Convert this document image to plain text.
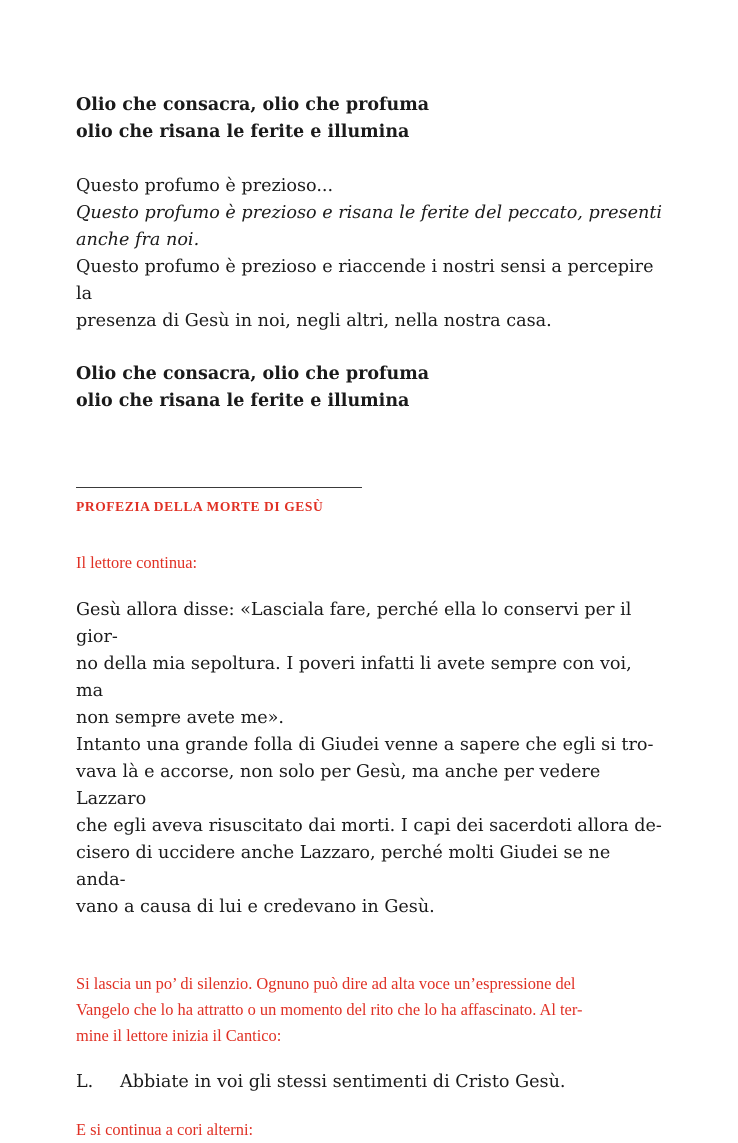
Olio che consacra, olio che profuma
olio che risana le ferite e illumina

Questo profumo è prezioso...
Questo profumo è prezioso e risana le ferite del peccato, presenti
anche fra noi.
Questo profumo è prezioso e riaccende i nostri sensi a percepire la
presenza di Gesù in noi, negli altri, nella nostra casa.

Olio che consacra, olio che profuma
olio che risana le ferite e illumina

PROFEZIA DELLA MORTE DI GESÙ

Il lettore continua:

Gesù allora disse: «Lasciala fare, perché ella lo conservi per il gior-
no della mia sepoltura. I poveri infatti li avete sempre con voi, ma
non sempre avete me».
Intanto una grande folla di Giudei venne a sapere che egli si tro-
vava là e accorse, non solo per Gesù, ma anche per vedere Lazzaro
che egli aveva risuscitato dai morti. I capi dei sacerdoti allora de-
cisero di uccidere anche Lazzaro, perché molti Giudei se ne anda-
vano a causa di lui e credevano in Gesù.

Si lascia un po’ di silenzio. Ognuno può dire ad alta voce un’espressione del
Vangelo che lo ha attratto o un momento del rito che lo ha affascinato. Al ter-
mine il lettore inizia il Cantico:

L.	Abbiate in voi gli stessi sentimenti di Cristo Gesù.

E si continua a cori alterni:
